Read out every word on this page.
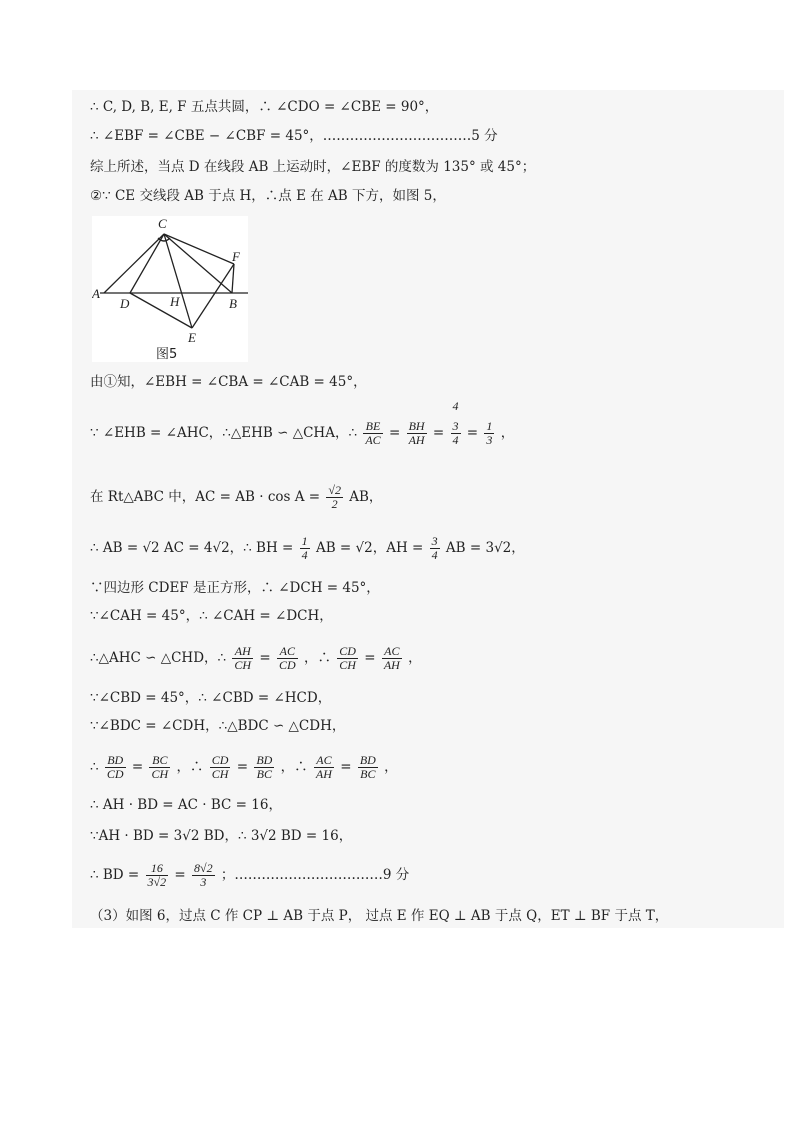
∴ C, D, B, E, F 五点共圆，∴ ∠CDO = ∠CBE = 90°，
∴ ∠EBF = ∠CBE − ∠CBF = 45°，……………………………5 分
综上所述，当点 D 在线段 AB 上运动时，∠EBF 的度数为 135° 或 45°；
②∵ CE 交线段 AB 于点 H，∴点 E 在 AB 下方，如图 5，
C
A
D	H	B
F
E
图5
由①知，∠EBH = ∠CBA = ∠CAB = 45°，
∵ ∠EHB = ∠AHC，∴△EHB ∽ △CHA，∴ $\frac{BE}{AC} = \frac{BH}{AH}$ =
4
3
$4 = \frac{1}{3}$ ，
在 Rt△ABC 中，AC = AB · $\cos A = \frac{√2}{2}$ AB，
∴ AB = √2 AC = 4√2，∴ BH = $\frac{1}{4}$ AB = √2，AH = $\frac{3}{4}$ AB = 3√2，
∵四边形 CDEF 是正方形，∴ ∠DCH = 45°，
∵∠CAH = 45°，∴ ∠CAH = ∠DCH，
∴△AHC ∽ △CHD，∴ $\frac{AH}{CH} = \frac{AC}{CD}$ ，∴ $\frac{CD}{CH} = \frac{AC}{AH}$ ，
∵∠CBD = 45°，∴ ∠CBD = ∠HCD，
∵∠BDC = ∠CDH，∴△BDC ∽ △CDH，
∴ $\frac{BD}{CD} = \frac{BC}{CH}$ ，∴ $\frac{CD}{CH} = \frac{BD}{BC}$ ，∴ $\frac{AC}{AH} = \frac{BD}{BC}$ ，
∴ AH · BD = AC · BC = 16，
∵AH · BD = 3√2 BD，∴ 3√2 BD = 16，
∴ BD = $\frac{16}{3√2} = \frac{8√2}{3}$ ；……………………………9 分
（3）如图 6，过点 C 作 CP ⊥ AB 于点 P， 过点 E 作 EQ ⊥ AB 于点 Q，ET ⊥ BF 于点 T，
